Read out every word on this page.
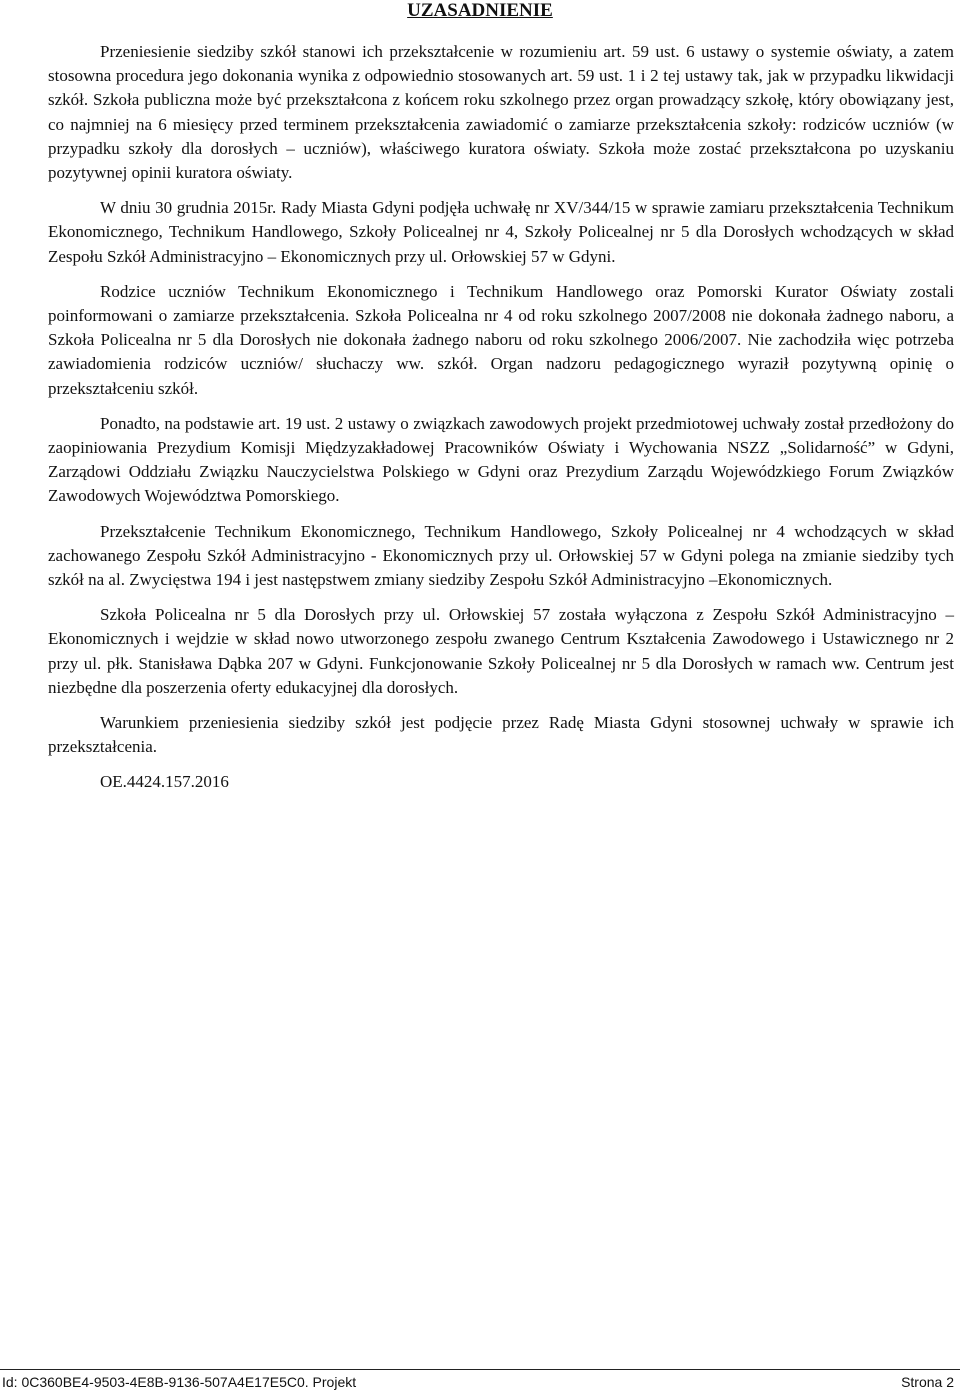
UZASADNIENIE

Przeniesienie siedziby szkół stanowi ich przekształcenie w rozumieniu art. 59 ust. 6 ustawy o systemie oświaty, a zatem stosowna procedura jego dokonania wynika z odpowiednio stosowanych art. 59 ust. 1 i 2 tej ustawy tak, jak w przypadku likwidacji szkół. Szkoła publiczna może być przekształcona z końcem roku szkolnego przez organ prowadzący szkołę, który obowiązany jest, co najmniej na 6 miesięcy przed terminem przekształcenia zawiadomić o zamiarze przekształcenia szkoły: rodziców uczniów (w przypadku szkoły dla dorosłych – uczniów), właściwego kuratora oświaty. Szkoła może zostać przekształcona po uzyskaniu pozytywnej opinii kuratora oświaty.

W dniu 30 grudnia 2015r. Rady Miasta Gdyni podjęła uchwałę nr XV/344/15 w sprawie zamiaru przekształcenia Technikum Ekonomicznego, Technikum Handlowego, Szkoły Policealnej nr 4, Szkoły Policealnej nr 5 dla Dorosłych wchodzących w skład Zespołu Szkół Administracyjno – Ekonomicznych przy ul. Orłowskiej 57 w Gdyni.

Rodzice uczniów Technikum Ekonomicznego i Technikum Handlowego oraz Pomorski Kurator Oświaty zostali poinformowani o zamiarze przekształcenia. Szkoła Policealna nr 4 od roku szkolnego 2007/2008 nie dokonała żadnego naboru, a Szkoła Policealna nr 5 dla Dorosłych nie dokonała żadnego naboru od roku szkolnego 2006/2007. Nie zachodziła więc potrzeba zawiadomienia rodziców uczniów/ słuchaczy ww. szkół. Organ nadzoru pedagogicznego wyraził pozytywną opinię o przekształceniu szkół.

Ponadto, na podstawie art. 19 ust. 2 ustawy o związkach zawodowych projekt przedmiotowej uchwały został przedłożony do zaopiniowania Prezydium Komisji Międzyzakładowej Pracowników Oświaty i Wychowania NSZZ „Solidarność” w Gdyni, Zarządowi Oddziału Związku Nauczycielstwa Polskiego w Gdyni oraz Prezydium Zarządu Wojewódzkiego Forum Związków Zawodowych Województwa Pomorskiego.

Przekształcenie Technikum Ekonomicznego, Technikum Handlowego, Szkoły Policealnej nr 4 wchodzących w skład zachowanego Zespołu Szkół Administracyjno - Ekonomicznych przy ul. Orłowskiej 57 w Gdyni polega na zmianie siedziby tych szkół na al. Zwycięstwa 194 i jest następstwem zmiany siedziby Zespołu Szkół Administracyjno –Ekonomicznych.

Szkoła Policealna nr 5 dla Dorosłych przy ul. Orłowskiej 57 została wyłączona z Zespołu Szkół Administracyjno – Ekonomicznych i wejdzie w skład nowo utworzonego zespołu zwanego Centrum Kształcenia Zawodowego i Ustawicznego nr 2 przy ul. płk. Stanisława Dąbka 207 w Gdyni. Funkcjonowanie Szkoły Policealnej nr 5 dla Dorosłych w ramach ww. Centrum jest niezbędne dla poszerzenia oferty edukacyjnej dla dorosłych.

Warunkiem przeniesienia siedziby szkół jest podjęcie przez Radę Miasta Gdyni stosownej uchwały w sprawie ich przekształcenia.

OE.4424.157.2016

Id: 0C360BE4-9503-4E8B-9136-507A4E17E5C0. Projekt	Strona 2
